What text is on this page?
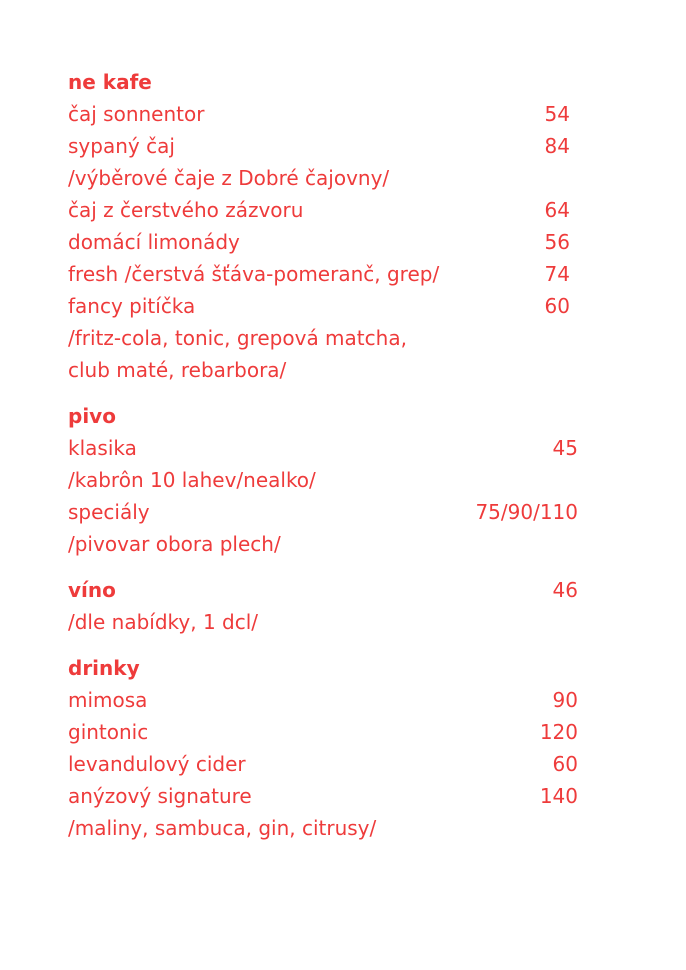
ne kafe
čaj sonnentor	54
sypaný čaj	84
/výběrové čaje z Dobré čajovny/
čaj z čerstvého zázvoru	64
domácí limonády	56
fresh /čerstvá šťáva-pomeranč, grep/	74
fancy pitíčka	60
/fritz-cola, tonic, grepová matcha,
club maté, rebarbora/
pivo
klasika	45
/kabrôn 10 lahev/nealko/
speciály	75/90/110
/pivovar obora plech/
víno	46
/dle nabídky, 1 dcl/
drinky
mimosa	90
gintonic	120
levandulový cider	60
anýzový signature	140
/maliny, sambuca, gin, citrusy/
